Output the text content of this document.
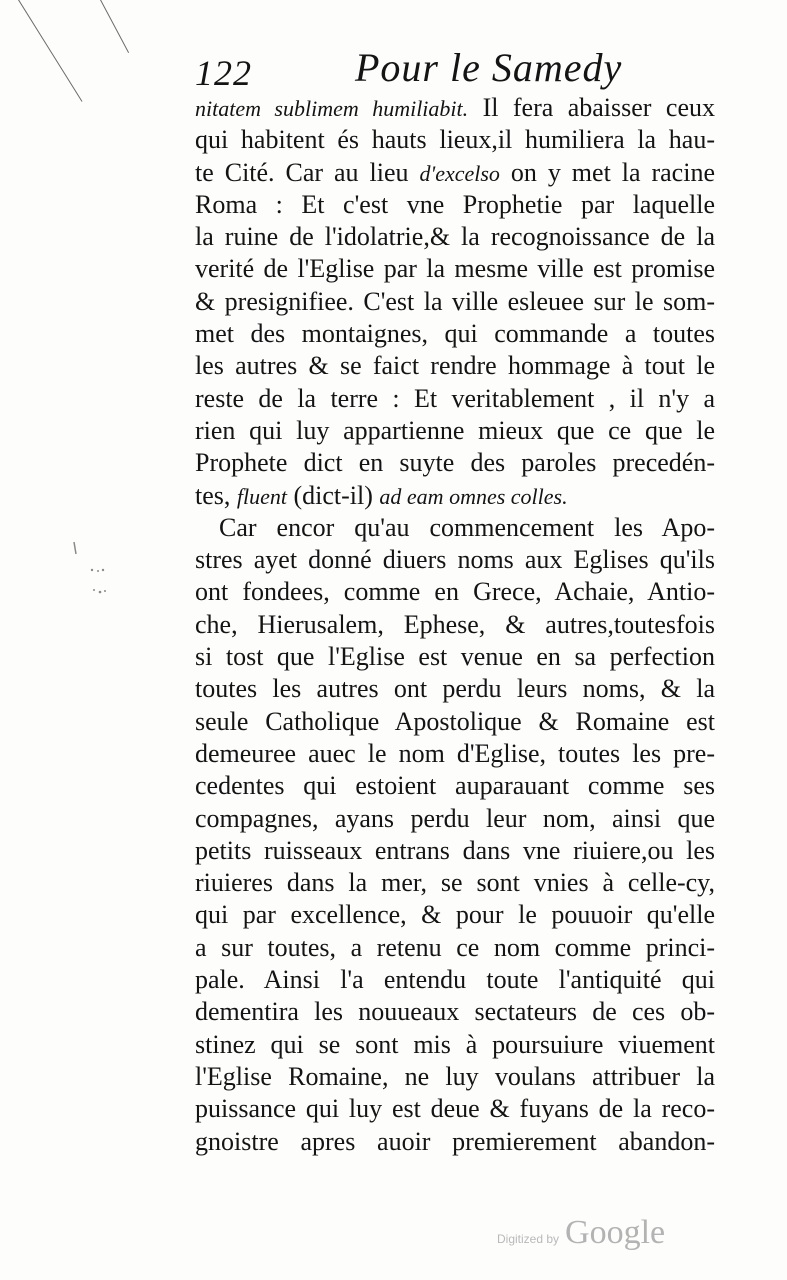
122	Pour le Samedy
nitatem sublimem humiliabit. Il fera abaisser ceux
qui habitent és hauts lieux,il humiliera la hau-
te Cité. Car au lieu d'excelso on y met la racine
Roma : Et c'est vne Prophetie par laquelle
la ruine de l'idolatrie,& la recognoissance de la
verité de l'Eglise par la mesme ville est promise
& presignifiee. C'est la ville esleuee sur le som-
met des montaignes, qui commande a toutes
les autres & se faict rendre hommage à tout le
reste de la terre : Et veritablement , il n'y a
rien qui luy appartienne mieux que ce que le
Prophete dict en suyte des paroles precedén-
tes, fluent (dict-il) ad eam omnes colles.
Car encor qu'au commencement les Apo-
stres ayet donné diuers noms aux Eglises qu'ils
ont fondees, comme en Grece, Achaie, Antio-
che, Hierusalem, Ephese, & autres,toutesfois
si tost que l'Eglise est venue en sa perfection
toutes les autres ont perdu leurs noms, & la
seule Catholique Apostolique & Romaine est
demeuree auec le nom d'Eglise, toutes les pre-
cedentes qui estoient auparauant comme ses
compagnes, ayans perdu leur nom, ainsi que
petits ruisseaux entrans dans vne riuiere,ou les
riuieres dans la mer, se sont vnies à celle-cy,
qui par excellence, & pour le pouuoir qu'elle
a sur toutes, a retenu ce nom comme princi-
pale. Ainsi l'a entendu toute l'antiquité qui
dementira les nouueaux sectateurs de ces ob-
stinez qui se sont mis à poursuiure viuement
l'Eglise Romaine, ne luy voulans attribuer la
puissance qui luy est deue & fuyans de la reco-
gnoistre apres auoir premierement abandon-
Digitized by Google
